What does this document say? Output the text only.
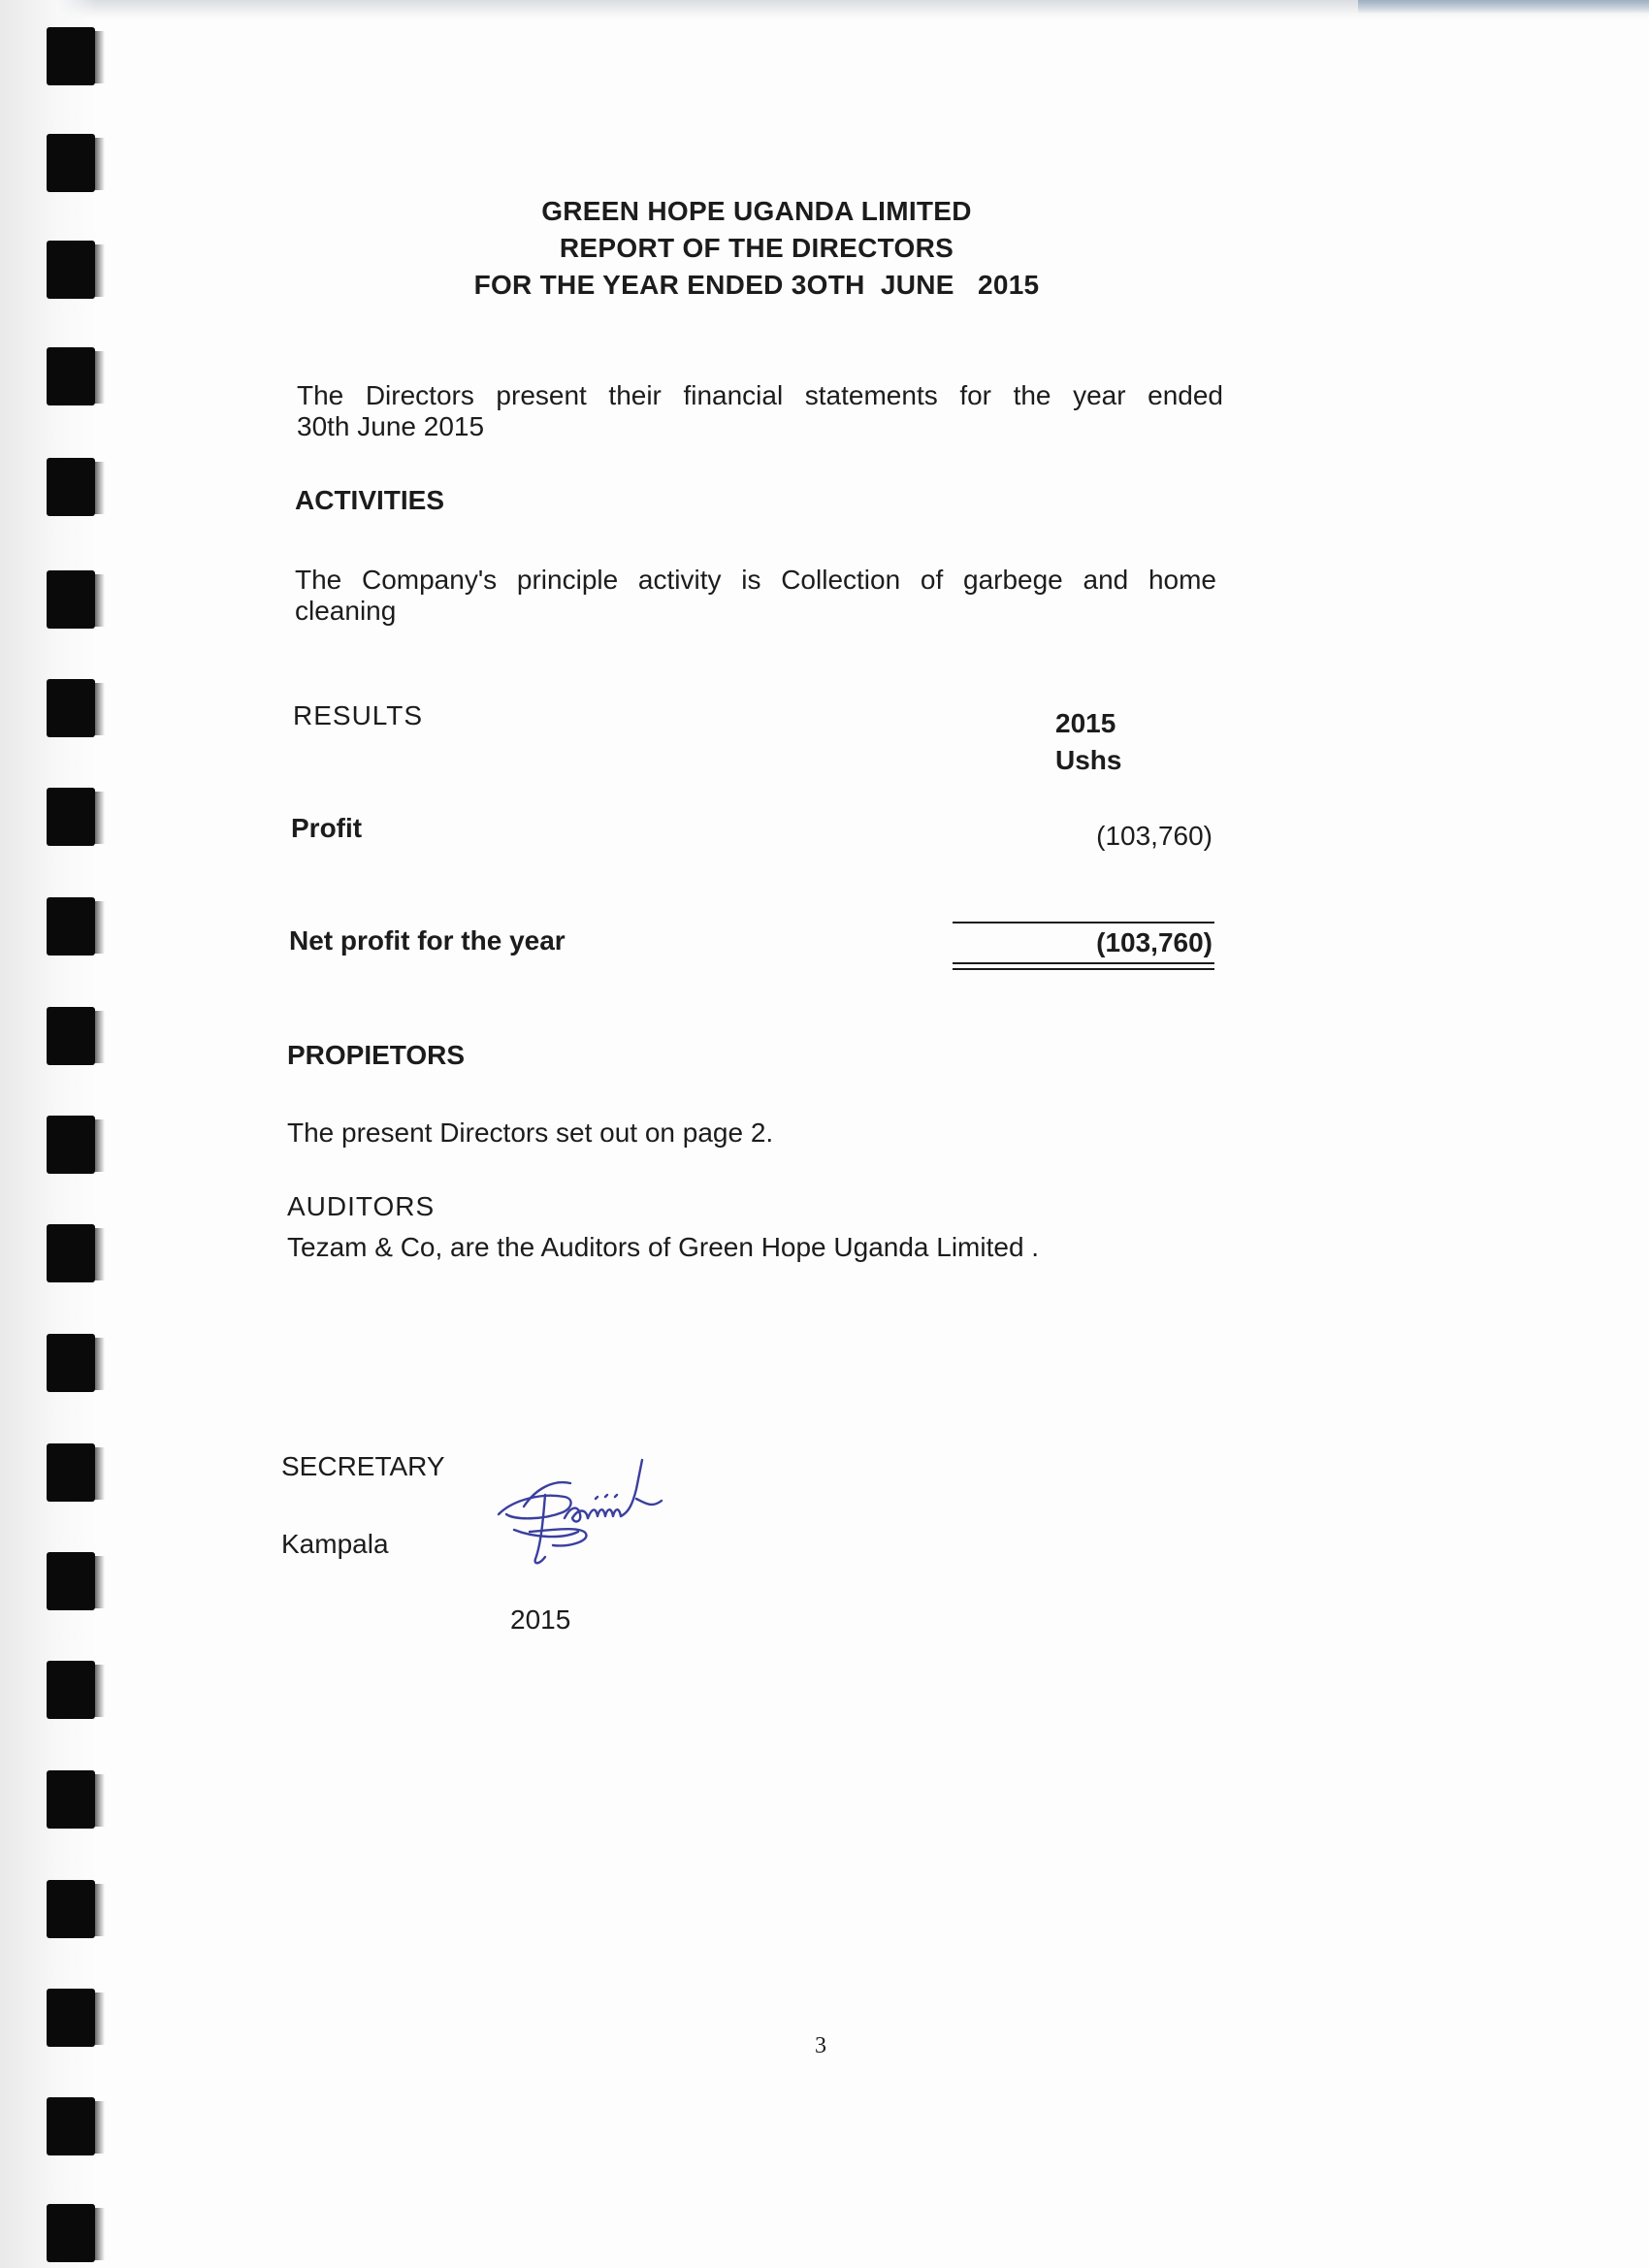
GREEN HOPE UGANDA LIMITED
REPORT OF THE DIRECTORS
FOR THE YEAR ENDED 3OTH  JUNE   2015
The Directors present their financial statements for the year ended
30th June 2015
ACTIVITIES
The Company's principle activity is Collection of garbege and home
cleaning
RESULTS	2015
Ushs
Profit	(103,760)
Net profit for the year	(103,760)
PROPIETORS
The present Directors set out on page 2.
AUDITORS
Tezam & Co, are the Auditors of Green Hope Uganda Limited .
SECRETARY
Kampala
2015
3
